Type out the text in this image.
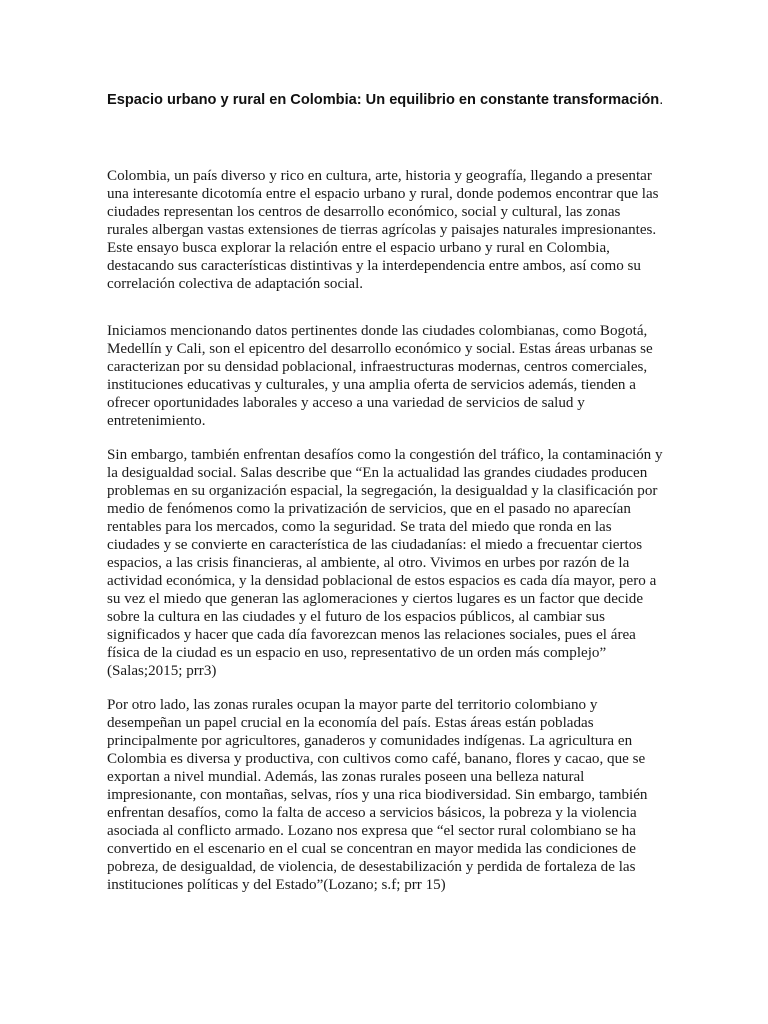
Espacio urbano y rural en Colombia: Un equilibrio en constante transformación.

Colombia, un país diverso y rico en cultura, arte, historia y geografía, llegando a presentar una interesante dicotomía entre el espacio urbano y rural, donde podemos encontrar que las ciudades representan los centros de desarrollo económico, social y cultural, las zonas rurales albergan vastas extensiones de tierras agrícolas y paisajes naturales impresionantes. Este ensayo busca explorar la relación entre el espacio urbano y rural en Colombia, destacando sus características distintivas y la interdependencia entre ambos, así como su correlación colectiva de adaptación social.

Iniciamos mencionando datos pertinentes donde las ciudades colombianas, como Bogotá, Medellín y Cali, son el epicentro del desarrollo económico y social. Estas áreas urbanas se caracterizan por su densidad poblacional, infraestructuras modernas, centros comerciales, instituciones educativas y culturales, y una amplia oferta de servicios además, tienden a ofrecer oportunidades laborales y acceso a una variedad de servicios de salud y entretenimiento.

Sin embargo, también enfrentan desafíos como la congestión del tráfico, la contaminación y la desigualdad social. Salas describe que “En la actualidad las grandes ciudades producen problemas en su organización espacial, la segregación, la desigualdad y la clasificación por medio de fenómenos como la privatización de servicios, que en el pasado no aparecían rentables para los mercados, como la seguridad. Se trata del miedo que ronda en las ciudades y se convierte en característica de las ciudadanías: el miedo a frecuentar ciertos espacios, a las crisis financieras, al ambiente, al otro. Vivimos en urbes por razón de la actividad económica, y la densidad poblacional de estos espacios es cada día mayor, pero a su vez el miedo que generan las aglomeraciones y ciertos lugares es un factor que decide sobre la cultura en las ciudades y el futuro de los espacios públicos, al cambiar sus significados y hacer que cada día favorezcan menos las relaciones sociales, pues el área física de la ciudad es un espacio en uso, representativo de un orden más complejo” (Salas;2015; prr3)

Por otro lado, las zonas rurales ocupan la mayor parte del territorio colombiano y desempeñan un papel crucial en la economía del país. Estas áreas están pobladas principalmente por agricultores, ganaderos y comunidades indígenas. La agricultura en Colombia es diversa y productiva, con cultivos como café, banano, flores y cacao, que se exportan a nivel mundial. Además, las zonas rurales poseen una belleza natural impresionante, con montañas, selvas, ríos y una rica biodiversidad. Sin embargo, también enfrentan desafíos, como la falta de acceso a servicios básicos, la pobreza y la violencia asociada al conflicto armado. Lozano nos expresa que “el sector rural colombiano se ha convertido en el escenario en el cual se concentran en mayor medida las condiciones de pobreza, de desigualdad, de violencia, de desestabilización y perdida de fortaleza de las instituciones políticas y del Estado”(Lozano; s.f; prr 15)
